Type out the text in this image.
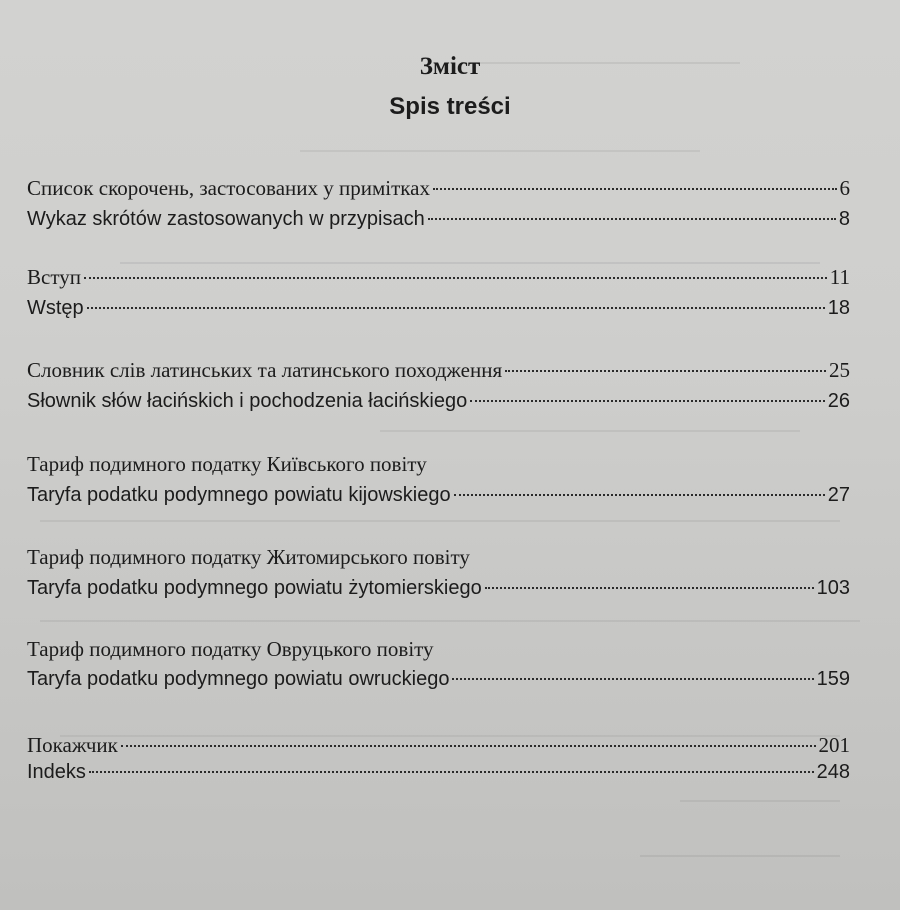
Зміст
Spis treści
Список скорочень, застосованих у примітках	6
Wykaz skrótów zastosowanych w przypisach	8
Вступ	11
Wstęp	18
Словник слів латинських та латинського походження	25
Słownik słów łacińskich i pochodzenia łacińskiego	26
Тариф подимного податку Київського повіту
Taryfa podatku podymnego powiatu kijowskiego	27
Тариф подимного податку Житомирського повіту
Taryfa podatku podymnego powiatu żytomierskiego	103
Тариф подимного податку Овруцького повіту
Taryfa podatku podymnego powiatu owruckiego	159
Покажчик	201
Indeks	248
